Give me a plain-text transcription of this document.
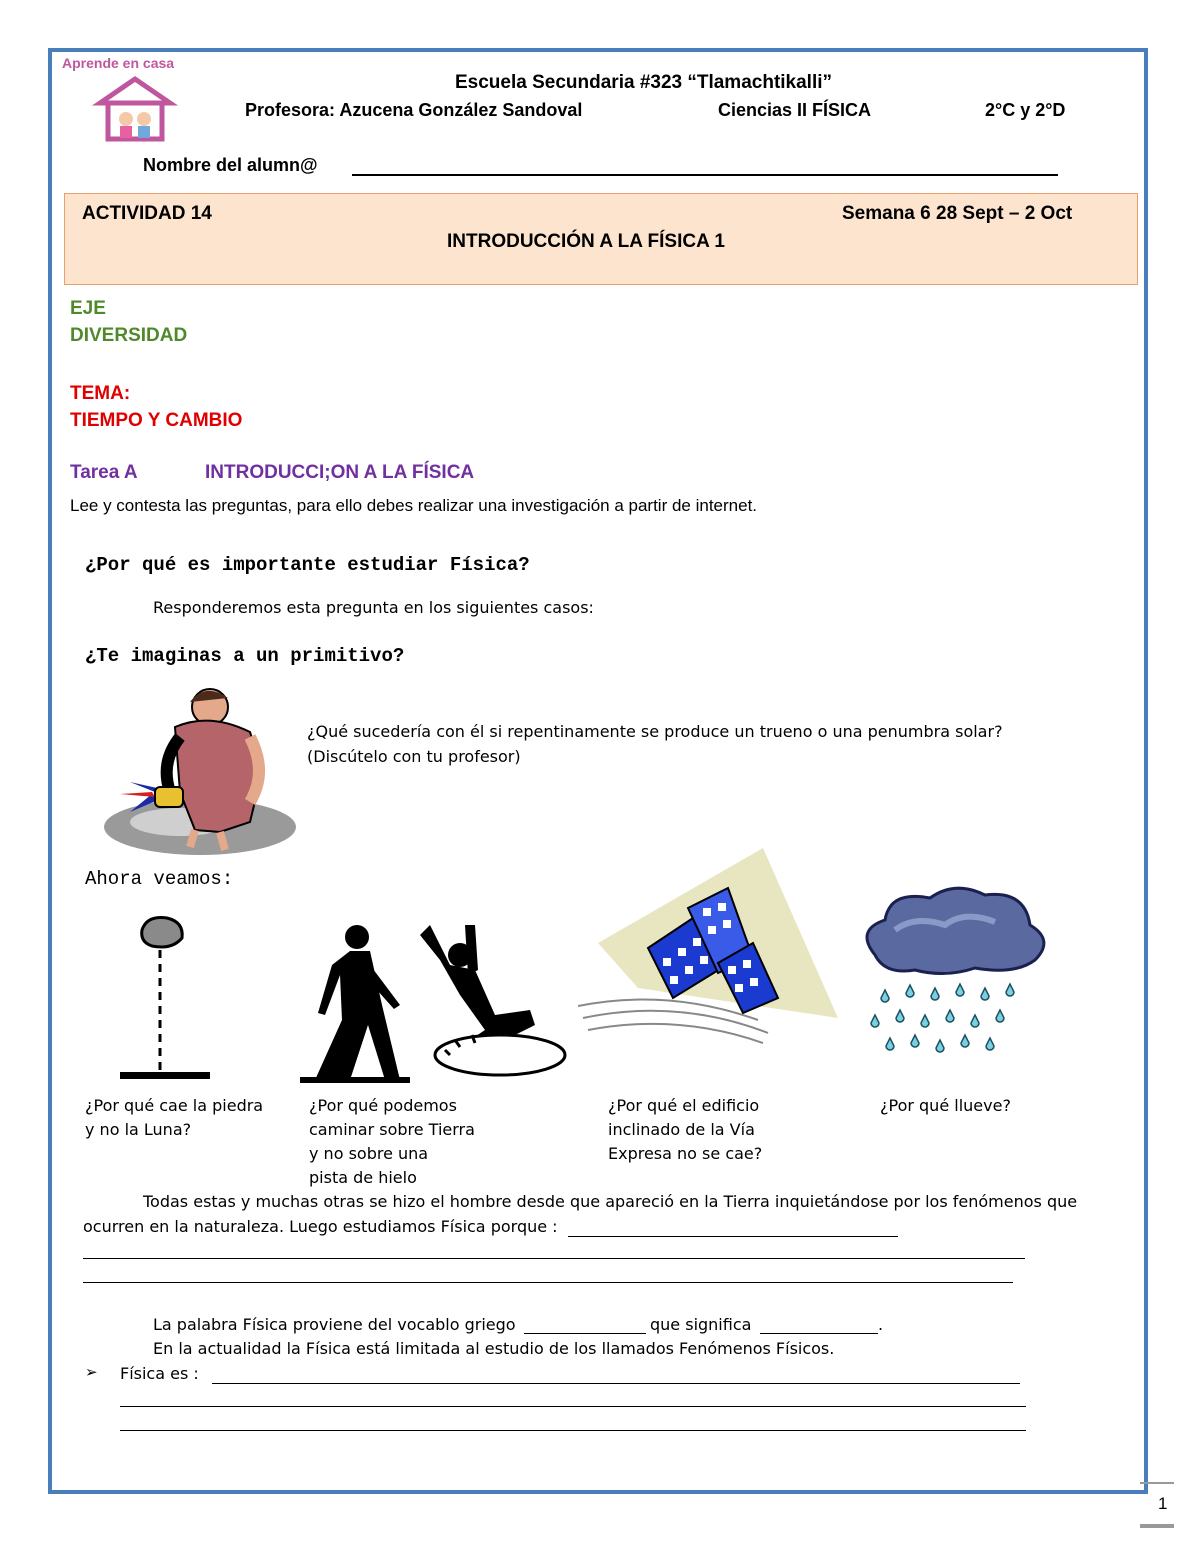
Aprende en casa
Escuela Secundaria #323 “Tlamachtikalli”
Profesora: Azucena González Sandoval	Ciencias II FÍSICA	2°C y 2°D
Nombre del alumn@
ACTIVIDAD 14	Semana 6 28 Sept – 2 Oct
INTRODUCCIÓN A LA FÍSICA 1
EJE
DIVERSIDAD
TEMA:
TIEMPO Y CAMBIO
Tarea A	INTRODUCCI;ON A LA FÍSICA
Lee y contesta las preguntas, para ello debes realizar una investigación a partir de internet.
¿Por qué es importante estudiar Física?
Responderemos esta pregunta en los siguientes casos:
¿Te imaginas a un primitivo?
¿Qué sucedería con él si repentinamente se produce un trueno o una penumbra solar?
(Discútelo con tu profesor)
Ahora veamos:
¿Por qué cae la piedra
y no la Luna?
¿Por qué podemos
caminar sobre Tierra
y no sobre una
pista de hielo
¿Por qué el edificio
inclinado de la Vía
Expresa no se cae?
¿Por qué llueve?
Todas estas y muchas otras se hizo el hombre desde que apareció en la Tierra inquietándose por los fenómenos que
ocurren en la naturaleza. Luego estudiamos Física porque :
La palabra Física proviene del vocablo griego	que significa	.
En la actualidad la Física está limitada al estudio de los llamados Fenómenos Físicos.
➢ Física es :
1
